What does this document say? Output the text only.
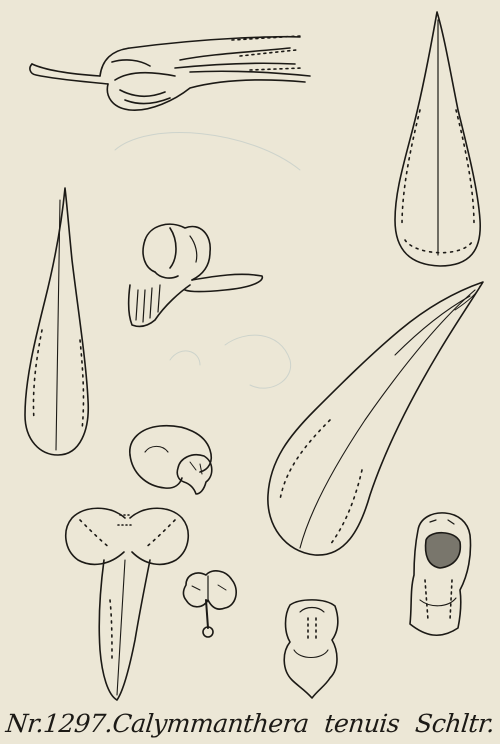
Nr.1297.Calymmanthera tenuis Schltr.
